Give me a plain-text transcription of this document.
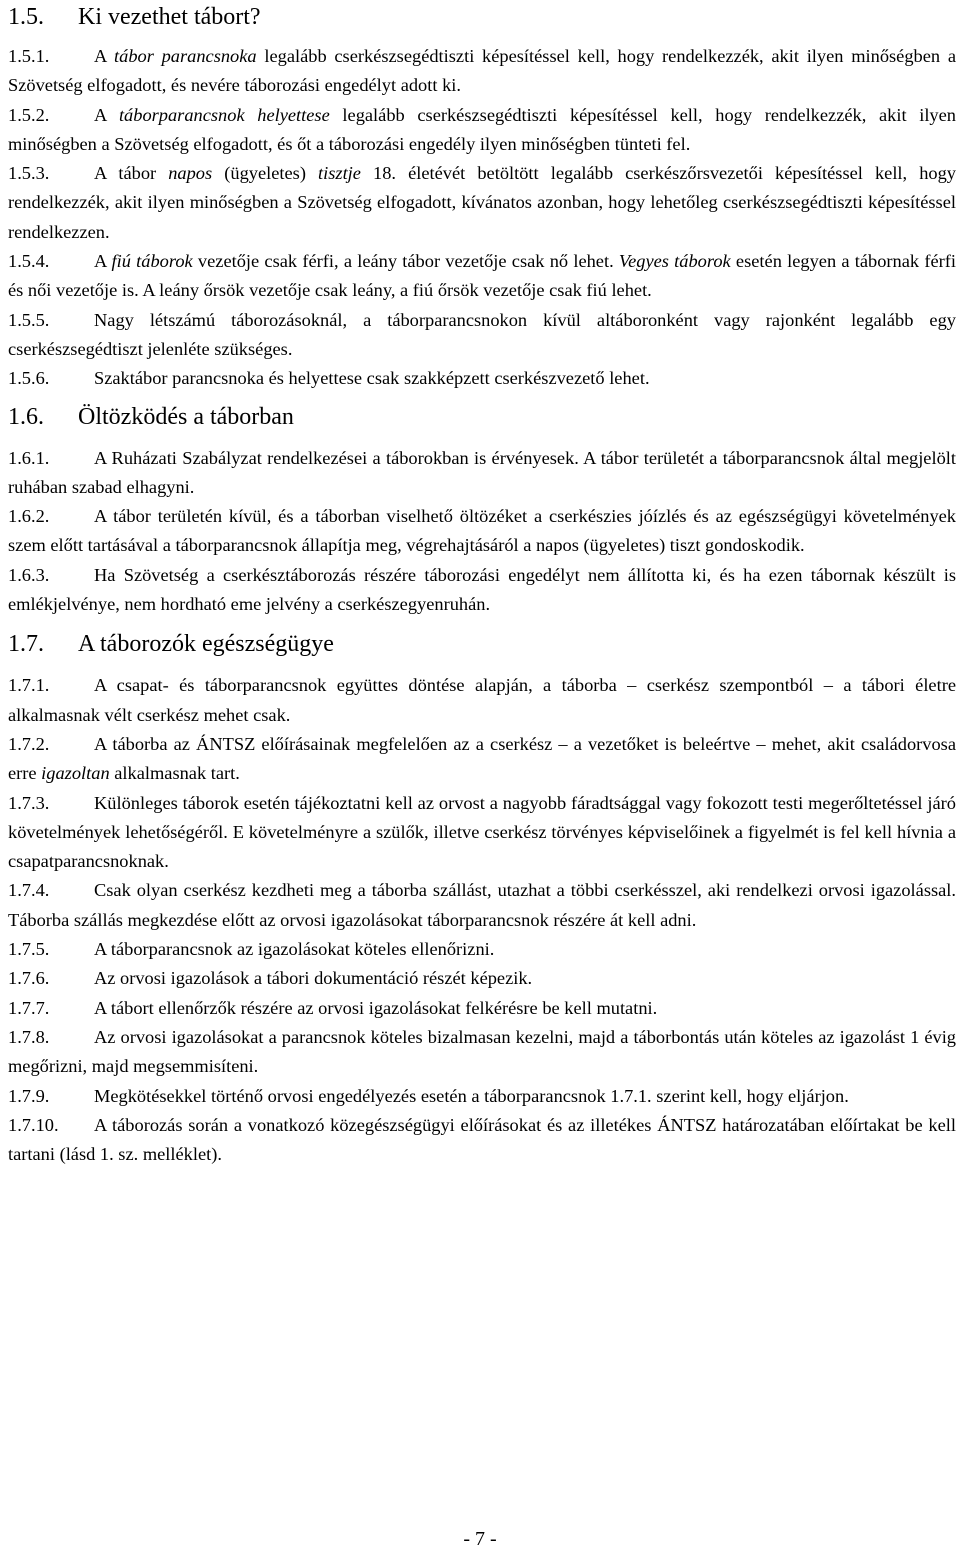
1.5. Ki vezethet tábort?

1.5.1. A tábor parancsnoka legalább cserkészsegédtiszti képesítéssel kell, hogy rendelkezzék, akit ilyen minőségben a Szövetség elfogadott, és nevére táborozási engedélyt adott ki.

1.5.2. A táborparancsnok helyettese legalább cserkészsegédtiszti képesítéssel kell, hogy rendelkezzék, akit ilyen minőségben a Szövetség elfogadott, és őt a táborozási engedély ilyen minőségben tünteti fel.

1.5.3. A tábor napos (ügyeletes) tisztje 18. életévét betöltött legalább cserkészőrsvezetői képesítéssel kell, hogy rendelkezzék, akit ilyen minőségben a Szövetség elfogadott, kívánatos azonban, hogy lehetőleg cserkészsegédtiszti képesítéssel rendelkezzen.

1.5.4. A fiú táborok vezetője csak férfi, a leány tábor vezetője csak nő lehet. Vegyes táborok esetén legyen a tábornak férfi és női vezetője is. A leány őrsök vezetője csak leány, a fiú őrsök vezetője csak fiú lehet.

1.5.5. Nagy létszámú táborozásoknál, a táborparancsnokon kívül altáboronként vagy rajonként legalább egy cserkészsegédtiszt jelenléte szükséges.

1.5.6. Szaktábor parancsnoka és helyettese csak szakképzett cserkészvezető lehet.

1.6. Öltözködés a táborban

1.6.1. A Ruházati Szabályzat rendelkezései a táborokban is érvényesek. A tábor területét a táborparancsnok által megjelölt ruhában szabad elhagyni.

1.6.2. A tábor területén kívül, és a táborban viselhető öltözéket a cserkészies jóízlés és az egészségügyi követelmények szem előtt tartásával a táborparancsnok állapítja meg, végrehajtásáról a napos (ügyeletes) tiszt gondoskodik.

1.6.3. Ha Szövetség a cserkésztáborozás részére táborozási engedélyt nem állította ki, és ha ezen tábornak készült is emlékjelvénye, nem hordható eme jelvény a cserkészegyenruhán.

1.7. A táborozók egészségügye

1.7.1. A csapat- és táborparancsnok együttes döntése alapján, a táborba – cserkész szempontból – a tábori életre alkalmasnak vélt cserkész mehet csak.

1.7.2. A táborba az ÁNTSZ előírásainak megfelelően az a cserkész – a vezetőket is beleértve – mehet, akit családorvosa erre igazoltan alkalmasnak tart.

1.7.3. Különleges táborok esetén tájékoztatni kell az orvost a nagyobb fáradtsággal vagy fokozott testi megerőltetéssel járó követelmények lehetőségéről. E követelményre a szülők, illetve cserkész törvényes képviselőinek a figyelmét is fel kell hívnia a csapatparancsnoknak.

1.7.4. Csak olyan cserkész kezdheti meg a táborba szállást, utazhat a többi cserkésszel, aki rendelkezi orvosi igazolással. Táborba szállás megkezdése előtt az orvosi igazolásokat táborparancsnok részére át kell adni.

1.7.5. A táborparancsnok az igazolásokat köteles ellenőrizni.

1.7.6. Az orvosi igazolások a tábori dokumentáció részét képezik.

1.7.7. A tábort ellenőrzők részére az orvosi igazolásokat felkérésre be kell mutatni.

1.7.8. Az orvosi igazolásokat a parancsnok köteles bizalmasan kezelni, majd a táborbontás után köteles az igazolást 1 évig megőrizni, majd megsemmisíteni.

1.7.9. Megkötésekkel történő orvosi engedélyezés esetén a táborparancsnok 1.7.1. szerint kell, hogy eljárjon.

1.7.10. A táborozás során a vonatkozó közegészségügyi előírásokat és az illetékes ÁNTSZ határozatában előírtakat be kell tartani (lásd 1. sz. melléklet).

- 7 -
